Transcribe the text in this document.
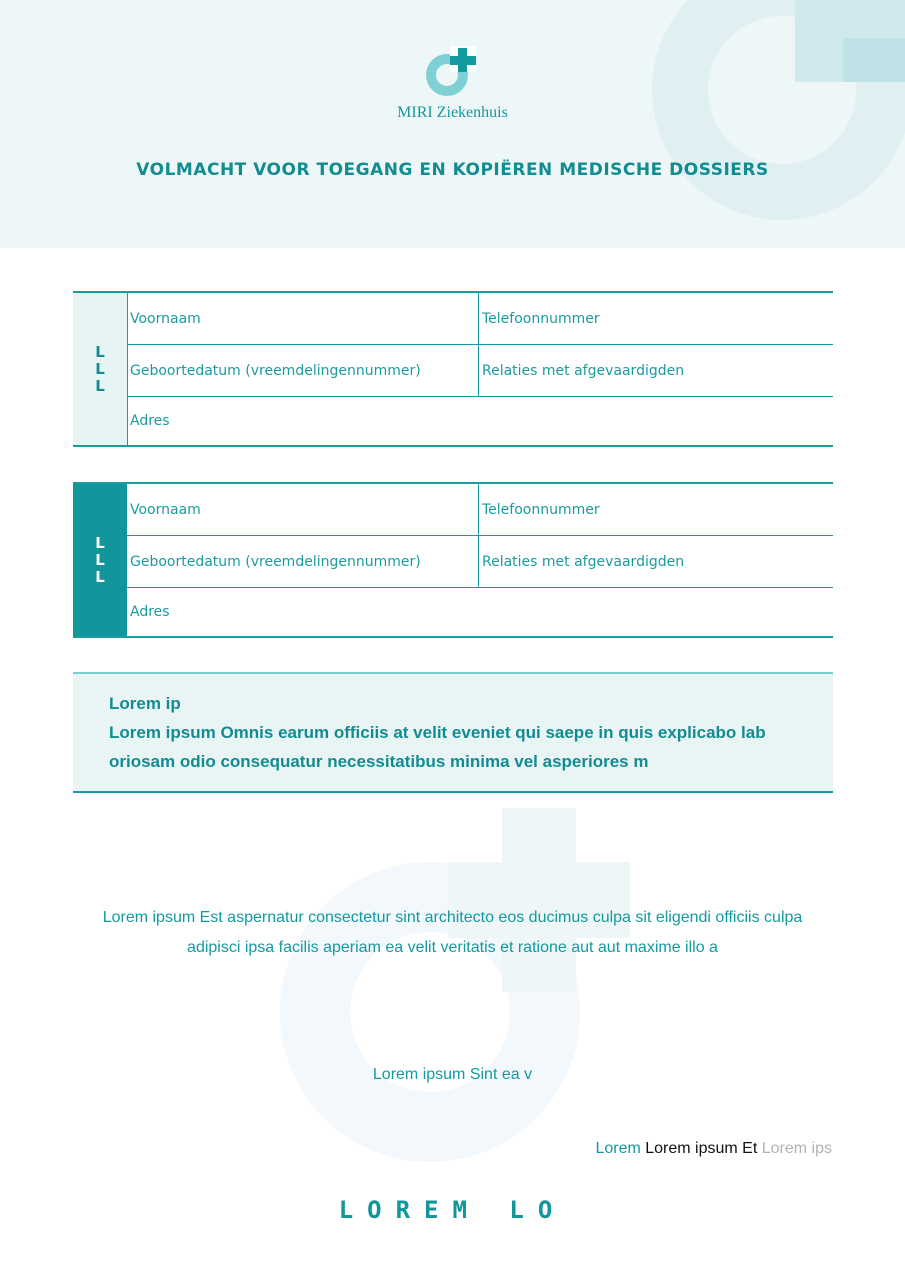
MIRI Ziekenhuis
VOLMACHT VOOR TOEGANG EN KOPIËREN MEDISCHE DOSSIERS
L
L
L
Voornaam	Telefoonnummer
Geboortedatum (vreemdelingennummer)	Relaties met afgevaardigden
Adres
L
L
L
Voornaam	Telefoonnummer
Geboortedatum (vreemdelingennummer)	Relaties met afgevaardigden
Adres
Lorem ip
Lorem ipsum Omnis earum officiis at velit eveniet qui saepe in quis explicabo lab oriosam odio consequatur necessitatibus minima vel asperiores m
Lorem ipsum Est aspernatur consectetur sint architecto eos ducimus culpa sit eligendi officiis culpa adipisci ipsa facilis aperiam ea velit veritatis et ratione aut aut maxime illo a
Lorem ipsum Sint ea v
Lorem Lorem ipsum Et Lorem ips
LOREM LO
